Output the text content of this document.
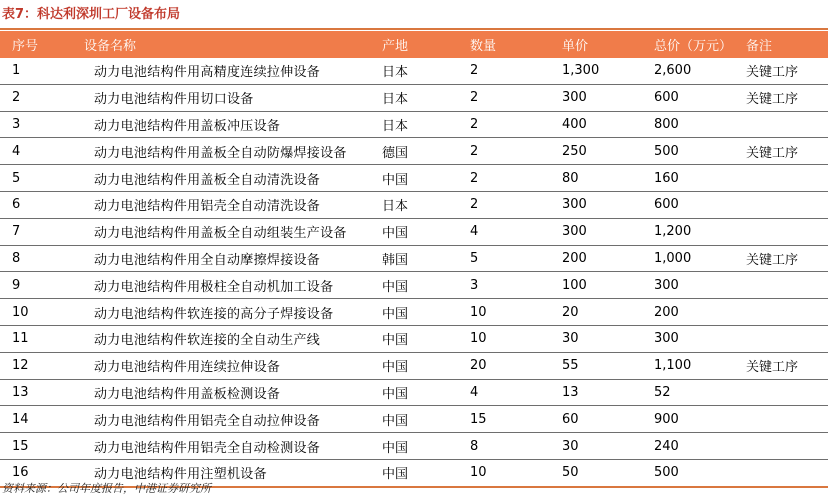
表7：科达利深圳工厂设备布局
序号	设备名称	产地	数量	单价	总价（万元）	备注
1	动力电池结构件用高精度连续拉伸设备	日本	2	1,300	2,600	关键工序
2	动力电池结构件用切口设备	日本	2	300	600	关键工序
3	动力电池结构件用盖板冲压设备	日本	2	400	800	
4	动力电池结构件用盖板全自动防爆焊接设备	德国	2	250	500	关键工序
5	动力电池结构件用盖板全自动清洗设备	中国	2	80	160	
6	动力电池结构件用铝壳全自动清洗设备	日本	2	300	600	
7	动力电池结构件用盖板全自动组装生产设备	中国	4	300	1,200	
8	动力电池结构件用全自动摩擦焊接设备	韩国	5	200	1,000	关键工序
9	动力电池结构件用极柱全自动机加工设备	中国	3	100	300	
10	动力电池结构件软连接的高分子焊接设备	中国	10	20	200	
11	动力电池结构件软连接的全自动生产线	中国	10	30	300	
12	动力电池结构件用连续拉伸设备	中国	20	55	1,100	关键工序
13	动力电池结构件用盖板检测设备	中国	4	13	52	
14	动力电池结构件用铝壳全自动拉伸设备	中国	15	60	900	
15	动力电池结构件用铝壳全自动检测设备	中国	8	30	240	
16	动力电池结构件用注塑机设备	中国	10	50	500	
资料来源：公司年度报告，中港证券研究所
